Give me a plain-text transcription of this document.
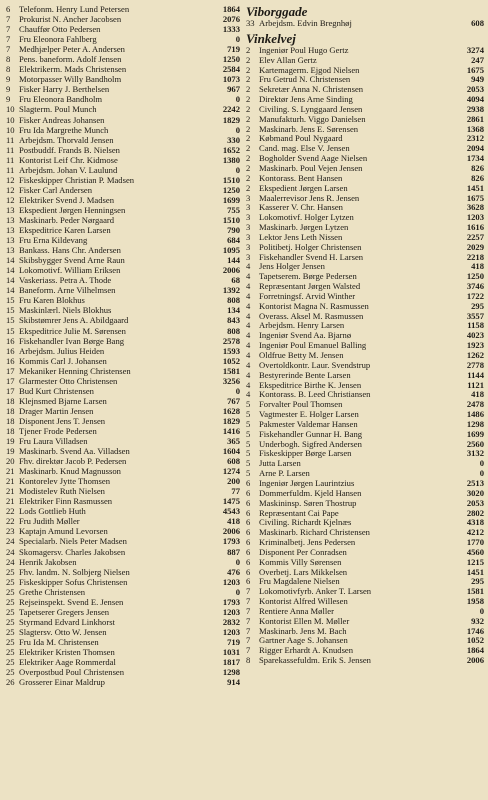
6	Telefonm. Henry Lund Petersen	1864
7	Prokurist N. Ancher Jacobsen	2076
7	Chauffør Otto Pedersen	1333
7	Fru Eleonora Fahlberg	0
7	Medhjælper Peter A. Andersen	719
8	Pens. baneform. Adolf Jensen	1250
8	Elektrikerm. Mads Christensen	2584
9	Motorpasser Willy Bandholm	1073
9	Fisker Harry J. Berthelsen	967
9	Fru Eleonora Bandholm	0
10 Slagterm. Poul Munch	2242
10 Fisker Andreas Johansen	1829
10 Fru Ida Margrethe Munch	0
11 Arbejdsm. Thorvald Jensen	330
11 Postbuddf. Frands B. Nielsen	1652
11 Kontorist Leif Chr. Kidmose	1380
11 Arbejdsm. Johan V. Laulund	0
12 Fiskeskipper Christian P. Madsen	1510
12 Fisker Carl Andersen	1250
12 Elektriker Svend J. Madsen	1699
13 Ekspedient Jørgen Henningsen	755
13 Maskinarb. Peder Nørgaard	1510
13 Ekspeditrice Karen Larsen	790
13 Fru Erna Kildevang	684
13 Bankass. Hans Chr. Andersen	1095
14 Skibsbygger Svend Arne Raun	144
14 Lokomotivf. William Eriksen	2006
14 Vaskeriass. Petra A. Thode	68
14 Baneform. Arne Vilhelmsen	1392
15 Fru Karen Blokhus	808
15 Maskinlærl. Niels Blokhus	134
15 Skibstømrer Jens A. Abildgaard	843
15 Ekspeditrice Julie M. Sørensen	808
16 Fiskehandler Ivan Børge Bang	2578
16 Arbejdsm. Julius Heiden	1593
16 Kommis Carl J. Johansen	1052
17 Mekaniker Henning Christensen	1581
17 Glarmester Otto Christensen	3256
17 Bud Kurt Christensen	0
18 Klejnsmed Bjarne Larsen	767
18 Drager Martin Jensen	1628
18 Disponent Jens T. Jensen	1829
18 Tjener Frode Pedersen	1416
19 Fru Laura Villadsen	365
19 Maskinarb. Svend Aa. Villadsen	1604
20 Fhv. direktør Jacob P. Pedersen	608
21 Maskinarb. Knud Magnusson	1274
21 Kontorelev Jytte Thomsen	200
21 Modistelev Ruth Nielsen	77
21 Elektriker Finn Rasmussen	1475
22 Lods Gottlieb Huth	4543
22 Fru Judith Møller	418
23 Kaptajn Amund Levorsen	2006
24 Specialarb. Niels Peter Madsen	1793
24 Skomagersv. Charles Jakobsen	887
24 Henrik Jakobsen	0
25 Fhv. landm. N. Solbjerg Nielsen	476
25 Fiskeskipper Sofus Christensen	1203
25 Grethe Christensen	0
25 Rejseinspekt. Svend E. Jensen	1793
25 Tapetserer Gregers Jensen	1203
25 Styrmand Edvard Linkhorst	2832
25 Slagtersv. Otto W. Jensen	1203
25 Fru Ida M. Christensen	719
25 Elektriker Kristen Thomsen	1031
25 Elektriker Aage Rommerdal	1817
25 Overpostbud Poul Christensen	1298
26 Grosserer Einar Maldrup	914
Viborggade
33 Arbejdsm. Edvin Bregnhøj	608
Vinkelvej
2	Ingeniør Poul Hugo Gertz	3274
2	Elev Allan Gertz	247
2	Kartemagerm. Ejgod Nielsen	1675
2	Fru Getrud N. Christensen	949
2	Sekretær Anna N. Christensen	2053
2	Direktør Jens Arne Sinding	4094
2	Civiling. S. Lynggaard Jensen	2938
2	Manufakturh. Viggo Danielsen	2861
2	Maskinarb. Jens E. Sørensen	1368
2	Købmand Poul Nygaard	2312
2	Cand. mag. Else V. Jensen	2094
2	Bogholder Svend Aage Nielsen	1734
2	Maskinarb. Poul Vejen Jensen	826
2	Kontorass. Bent Hansen	826
2	Ekspedient Jørgen Larsen	1451
3	Maalerrevisor Jens R. Jensen	1675
3	Kasserer V. Chr. Hansen	3628
3	Lokomotivf. Holger Lytzen	1203
3	Maskinarb. Jørgen Lytzen	1616
3	Lektor Jens Leth Nissen	2257
3	Politibetj. Holger Christensen	2029
3	Fiskehandler Svend H. Larsen	2218
4	Jens Holger Jensen	418
4	Tapetserem. Børge Pedersen	1250
4	Repræsentant Jørgen Walsted	3746
4	Forretningsf. Arvid Winther	1722
4	Kontorist Magna N. Rasmussen	295
4	Overass. Aksel M. Rasmussen	3557
4	Arbejdsm. Henry Larsen	1158
4	Ingeniør Svend Aa. Bjarnø	4023
4	Ingeniør Poul Emanuel Balling	1923
4	Oldfrue Betty M. Jensen	1262
4	Overtoldkontr. Laur. Svendstrup	2778
4	Bestyrerinde Bente Larsen	1144
4	Ekspeditrice Birthe K. Jensen	1121
4	Kontorass. B. Leed Christiansen	418
5	Forvalter Poul Thomsen	2478
5	Vagtmester E. Holger Larsen	1486
5	Pakmester Valdemar Hansen	1298
5	Fiskehandler Gunnar H. Bang	1699
5	Underbogh. Sigfred Andersen	2560
5	Fiskeskipper Børge Larsen	3132
5	Jutta Larsen	0
5	Arne P. Larsen	0
6	Ingeniør Jørgen Laurintzius	2513
6	Dommerfuldm. Kjeld Hansen	3020
6	Maskininsp. Søren Thostrup	2053
6	Repræsentant Cai Pape	2802
6	Civiling. Richardt Kjelnæs	4318
6	Maskinarb. Richard Christensen	4212
6	Kriminalbetj. Jens Pedersen	1770
6	Disponent Per Conradsen	4560
6	Kommis Villy Sørensen	1215
6	Overbetj. Lars Mikkelsen	1451
6	Fru Magdalene Nielsen	295
7	Lokomotivfyrb. Anker T. Larsen	1581
7	Kontorist Alfred Willesen	1958
7	Rentiere Anna Møller	0
7	Kontorist Ellen M. Møller	932
7	Maskinarb. Jens M. Bach	1746
7	Gartner Aage S. Johansen	1052
7	Rigger Erhardt A. Knudsen	1864
8	Sparekassefuldm. Erik S. Jensen	2006
